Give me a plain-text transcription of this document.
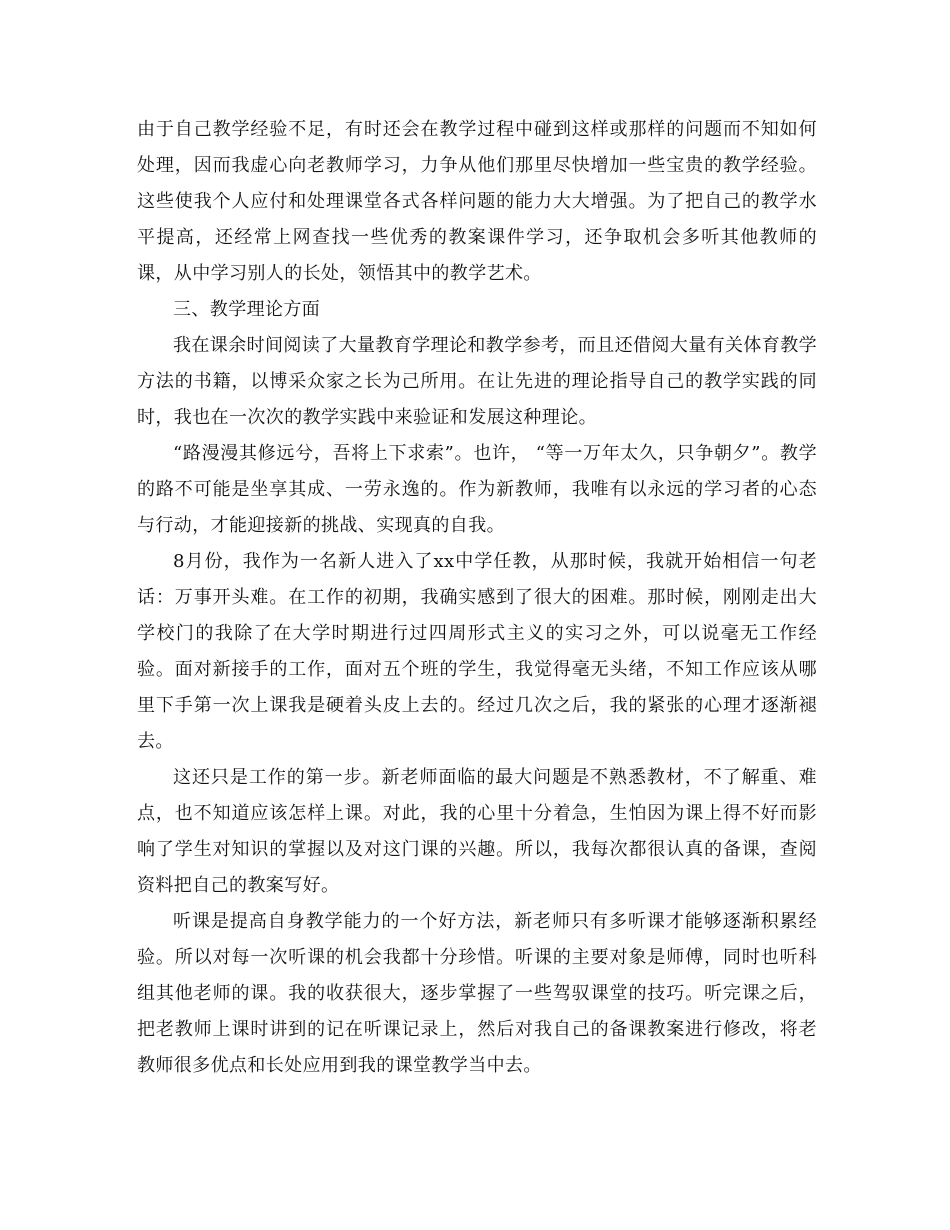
由于自己教学经验不足，有时还会在教学过程中碰到这样或那样的问题而不知如何处理，因而我虚心向老教师学习，力争从他们那里尽快增加一些宝贵的教学经验。这些使我个人应付和处理课堂各式各样问题的能力大大增强。为了把自己的教学水平提高，还经常上网查找一些优秀的教案课件学习，还争取机会多听其他教师的课，从中学习别人的长处，领悟其中的教学艺术。

三、教学理论方面

我在课余时间阅读了大量教育学理论和教学参考，而且还借阅大量有关体育教学方法的书籍，以博采众家之长为己所用。在让先进的理论指导自己的教学实践的同时，我也在一次次的教学实践中来验证和发展这种理论。

“路漫漫其修远兮，吾将上下求索”。也许， “等一万年太久，只争朝夕”。教学的路不可能是坐享其成、一劳永逸的。作为新教师，我唯有以永远的学习者的心态与行动，才能迎接新的挑战、实现真的自我。

8月份，我作为一名新人进入了xx中学任教，从那时候，我就开始相信一句老话：万事开头难。在工作的初期，我确实感到了很大的困难。那时候，刚刚走出大学校门的我除了在大学时期进行过四周形式主义的实习之外，可以说毫无工作经验。面对新接手的工作，面对五个班的学生，我觉得毫无头绪，不知工作应该从哪里下手第一次上课我是硬着头皮上去的。经过几次之后，我的紧张的心理才逐渐褪去。

这还只是工作的第一步。新老师面临的最大问题是不熟悉教材，不了解重、难点，也不知道应该怎样上课。对此，我的心里十分着急，生怕因为课上得不好而影响了学生对知识的掌握以及对这门课的兴趣。所以，我每次都很认真的备课，查阅资料把自己的教案写好。

听课是提高自身教学能力的一个好方法，新老师只有多听课才能够逐渐积累经验。所以对每一次听课的机会我都十分珍惜。听课的主要对象是师傅，同时也听科组其他老师的课。我的收获很大，逐步掌握了一些驾驭课堂的技巧。听完课之后，把老教师上课时讲到的记在听课记录上，然后对我自己的备课教案进行修改，将老教师很多优点和长处应用到我的课堂教学当中去。
